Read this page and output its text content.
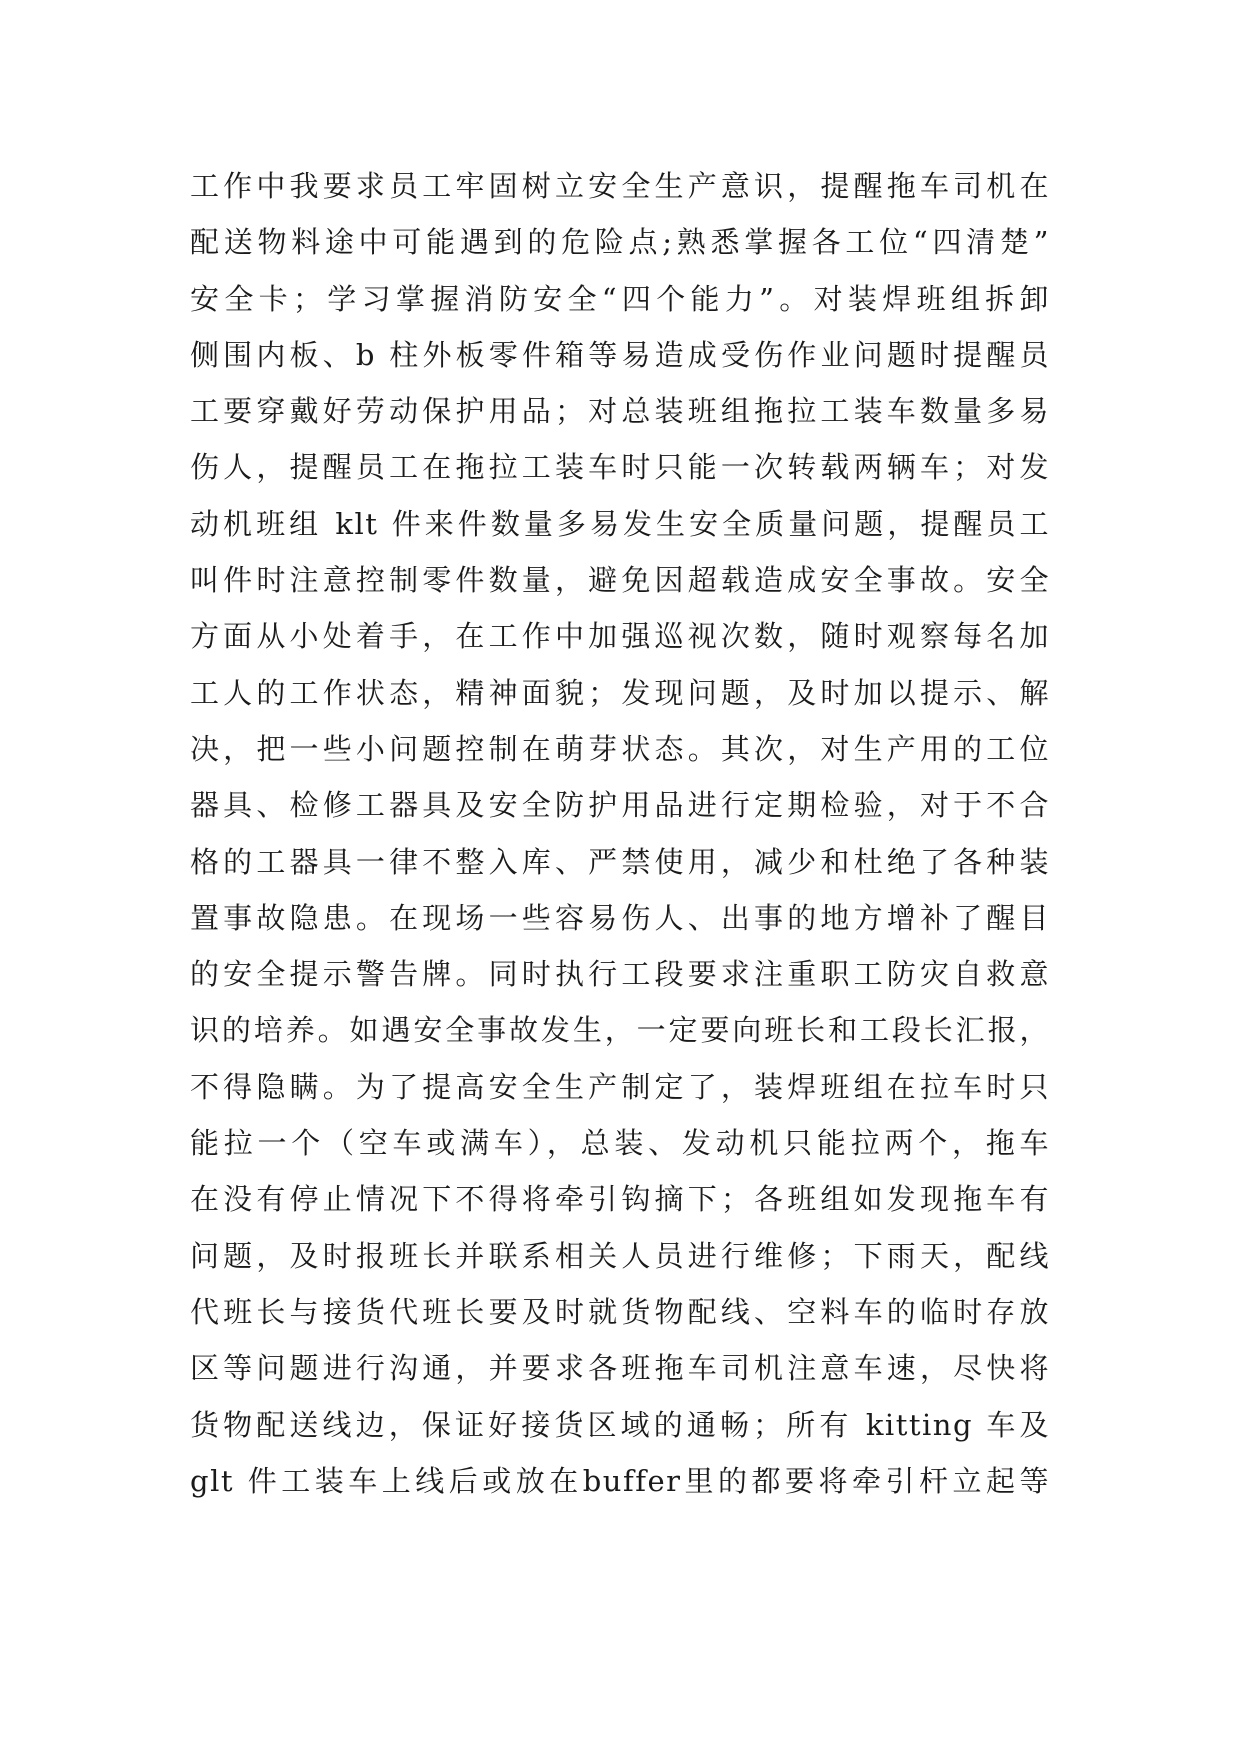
工作中我要求员工牢固树立安全生产意识，提醒拖车司机在
配送物料途中可能遇到的危险点;熟悉掌握各工位“四清楚”
安全卡；学习掌握消防安全“四个能力”。对装焊班组拆卸
侧围内板、b 柱外板零件箱等易造成受伤作业问题时提醒员
工要穿戴好劳动保护用品；对总装班组拖拉工装车数量多易
伤人，提醒员工在拖拉工装车时只能一次转载两辆车；对发
动机班组 klt 件来件数量多易发生安全质量问题，提醒员工
叫件时注意控制零件数量，避免因超载造成安全事故。安全
方面从小处着手，在工作中加强巡视次数，随时观察每名加
工人的工作状态，精神面貌；发现问题，及时加以提示、解
决，把一些小问题控制在萌芽状态。其次，对生产用的工位
器具、检修工器具及安全防护用品进行定期检验，对于不合
格的工器具一律不整入库、严禁使用，减少和杜绝了各种装
置事故隐患。在现场一些容易伤人、出事的地方增补了醒目
的安全提示警告牌。同时执行工段要求注重职工防灾自救意
识的培养。如遇安全事故发生，一定要向班长和工段长汇报，
不得隐瞒。为了提高安全生产制定了，装焊班组在拉车时只
能拉一个（空车或满车），总装、发动机只能拉两个，拖车
在没有停止情况下不得将牵引钩摘下；各班组如发现拖车有
问题，及时报班长并联系相关人员进行维修；下雨天，配线
代班长与接货代班长要及时就货物配线、空料车的临时存放
区等问题进行沟通，并要求各班拖车司机注意车速，尽快将
货物配送线边，保证好接货区域的通畅；所有 kitting 车及
glt 件工装车上线后或放在buffer里的都要将牵引杆立起等
